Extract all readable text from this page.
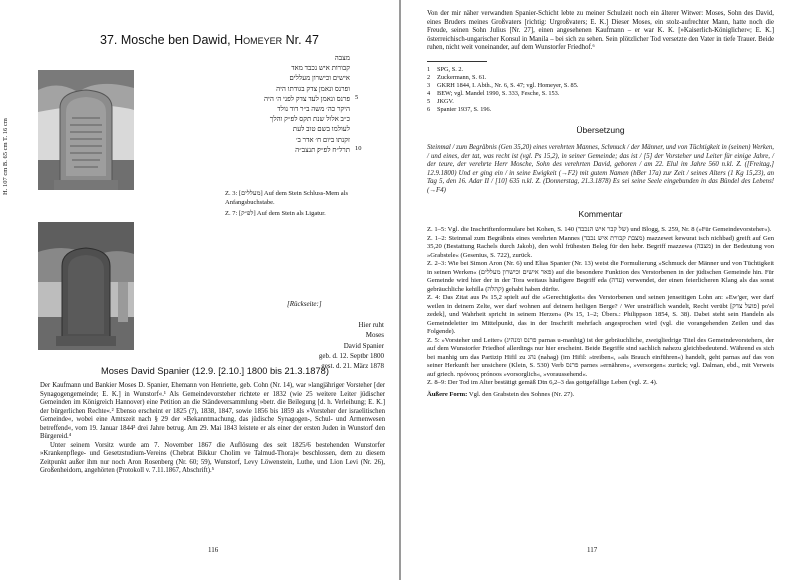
37. Mosche ben Dawid, Homeyer Nr. 47
H. 107 cm B. 65 cm T. 16 cm
מצבה
קבורות איש נכבד מאד
אישים וכישרון מעללים
ופרנס ונאמן צדק בגודתו היה
פרנס ונאמן לעד צדק לפני ה׳ היה
היקר כה׳ משה ב״ר דוד נולד
כ״ב אלול שנת תקס לפ״ק והלך
לעולמו בשם טוב לעת
זקנתו ביום ח׳ אדר ב׳
תרל״ח לפ״ק׃ תנצב״ה
5
10
Z. 3: [מעללים] Auf dem Stein Schluss-Mem als Anfangsbuchstabe.
Z. 7: [לפ״ק] Auf dem Stein als Ligatur.
[Rückseite:]
Hier ruht
Moses
David Spanier
geb. d. 12. Septbr 1800
gest. d. 21. März 1878
Moses David Spanier (12.9. [2.10.] 1800 bis 21.3.1878)

Der Kaufmann und Bankier Moses D. Spanier, Ehemann von Henriette, geb. Cohn (Nr. 14), war »langjähriger Vorsteher [der Synagogengemeinde; E. K.] in Wunstorf«.¹ Als Gemeindevorsteher richtete er 1832 (wie 25 weitere Leiter jüdischer Gemeinden im Königreich Hannover) eine Petition an die Ständeversammlung »betr. die Beilegung [d. h. Verleihung; E. K.] der bürgerlichen Rechte«.² Ebenso erscheint er 1825 (?), 1838, 1847, sowie 1856 bis 1859 als »Vorsteher der israelitischen Gemeinde«, wobei eine Amtszeit nach § 29 der »Bekanntmachung, das jüdische Synagogen-, Schul- und Armenwesen betreffend«, vom 19. Januar 1844³ drei Jahre betrug. Am 29. Mai 1843 leistete er als einer der ersten Juden in Wunstorf den Bürgereid.⁴

Unter seinem Vorsitz wurde am 7. November 1867 die Auflösung des seit 1825/6 bestehenden Wunstorfer »Krankenpflege- und Gesetzstudium-Vereins (Chebrat Bikkur Cholim ve Talmud-Thora)« beschlossen, dem zu diesem Zeitpunkt außer ihm nur noch Aron Rosenberg (Nr. 60; 59), Wunstorf, Levy Löwenstein, Luthe, und Lion Levi (Nr. 26), Großenheidorn, angehörten (Protokoll v. 7.11.1867, Abschrift).⁵

116

Von der mir näher verwandten Spanier-Schicht lebte zu meiner Schulzeit noch ein älterer Witwer: Moses, Sohn des David, eines Bruders meines Großvaters [richtig: Urgroßvaters; E. K.] Dieser Moses, ein stolz-aufrechter Mann, hatte noch die Freude, seinen Sohn Julius [Nr. 27], einen angesehenen Kaufmann – er war K. K. [»Kaiserlich-Königlicher«; E. K.] österreichisch-ungarischer Konsul in Manila – bei sich zu sehen. Sein plötzlicher Tod versetzte den Vater in tiefe Trauer. Beide ruhen, nicht weit voneinander, auf dem Wunstorfer Friedhof.⁶

1 SPG, S. 2.
2 Zuckermann, S. 61.
3 GKRH 1844, I. Abth., Nr. 6, S. 47; vgl. Homeyer, S. 85.
4 BEW; vgl. Mandel 1990, S. 333, Fesche, S. 153.
5 JKGV.
6 Spanier 1937, S. 196.
Übersetzung
Steinmal / zum Begräbnis (Gen 35,20) eines verehrten Mannes, Schmuck / der Männer, und von Tüchtigkeit in (seinen) Werken, / und eines, der tat, was recht ist (vgl. Ps 15,2), in seiner Gemeinde; das ist / [5] der Vorsteher und Leiter für einige Jahre, / der teure, der verehrte Herr Mosche, Sohn des verehrten David, geboren / am 22. Elul im Jahre 560 n.kl. Z. ([Freitag,] 12.9.1800) Und er ging ein / in seine Ewigkeit (→F2) mit gutem Namen (bBer 17a) zur Zeit / seines Alters (1 Kg 15,23), an Tag 5, den 16. Adar II / [10] 635 n.kl. Z. (Donnerstag, 21.3.1878) Es sei seine Seele eingebunden in das Bündel des Lebens! (→F4)
Kommentar

Z. 1–5: Vgl. die Inschriftenformulare bei Kohen, S. 140 (של קבר איש הנכבד) und Blogg, S. 259, Nr. 8 (»Für Gemeindevorsteher«).

Z. 1–2: Steinmal zum Begräbnis eines verehrten Mannes (מצבת קבורת איש נכבד) mazzewet kewurat isch nichbad) greift auf Gen 35,20 (Bestattung Rachels durch Jakob), den wohl frühesten Beleg für den hebr. Begriff mazzewa (מצבה) in der Bedeutung von »Grabstele« (Gesenius, S. 722), zurück.

Z. 2–3: Wie bei Simon Aron (Nr. 6) und Elias Spanier (Nr. 13) weist die Formulierung »Schmuck der Männer und von Tüchtigkeit in seinen Werken« (פאר אישים וכישרון מעללים) auf die besondere Funktion des Verstorbenen in der jüdischen Gemeinde hin. Für Gemeinde wird hier der in der Tora weitaus häufigere Begriff eda (עדה) verwendet, der einen feierlicheren Klang als das sonst gebräuchliche kehilla (קהלה) gehabt haben dürfte.

Z. 4: Das Zitat aus Ps 15,2 spielt auf die »Gerechtigkeit« des Verstorbenen und seinen jenseitigen Lohn an: »Ew'ger, wer darf weilen in deinem Zelte, wer darf wohnen auf deinem heiligen Berge? / Wer unsträflich wandelt, Recht verübt [פועל צדק] po'el zedek], und Wahrheit spricht in seinem Herzen« (Ps 15, 1–2; Übers.: Philippson 1854, S. 38). Dabei steht sein Handeln als Gemeindeleiter im Mittelpunkt, das in der Inschrift mehrfach angesprochen wird (vgl. die vorangehenden Zeilen und das Folgende).

Z. 5: »Vorsteher und Leiter« (פרנס ומנהיג parnas u-manhig) ist der gebräuchliche, zweigliedrige Titel des Gemeindevorstehers, der auf dem Wunstorfer Friedhof allerdings nur hier erscheint. Beide Begriffe sind sachlich nahezu gleichbedeutend. Während es sich bei manhig um das Partizip Hifil zu נהג (nahag) (im Hifil: »treiben«, »als Brauch einführen«) handelt, geht parnas auf das von seiner Herkunft her unsichere (Klein, S. 530) Verb פרנס parnes »ernähren«, »versorgen« zurück; vgl. Dalman, ebd., mit Verweis auf griech. πρόνοος prónoos »vorsorglich«, »voraussehend«.

Z. 8–9: Der Tod im Alter bestätigt gemäß Dtn 6,2–3 das gottgefällige Leben (vgl. Z. 4).

Äußere Form: Vgl. den Grabstein des Sohnes (Nr. 27).

117
